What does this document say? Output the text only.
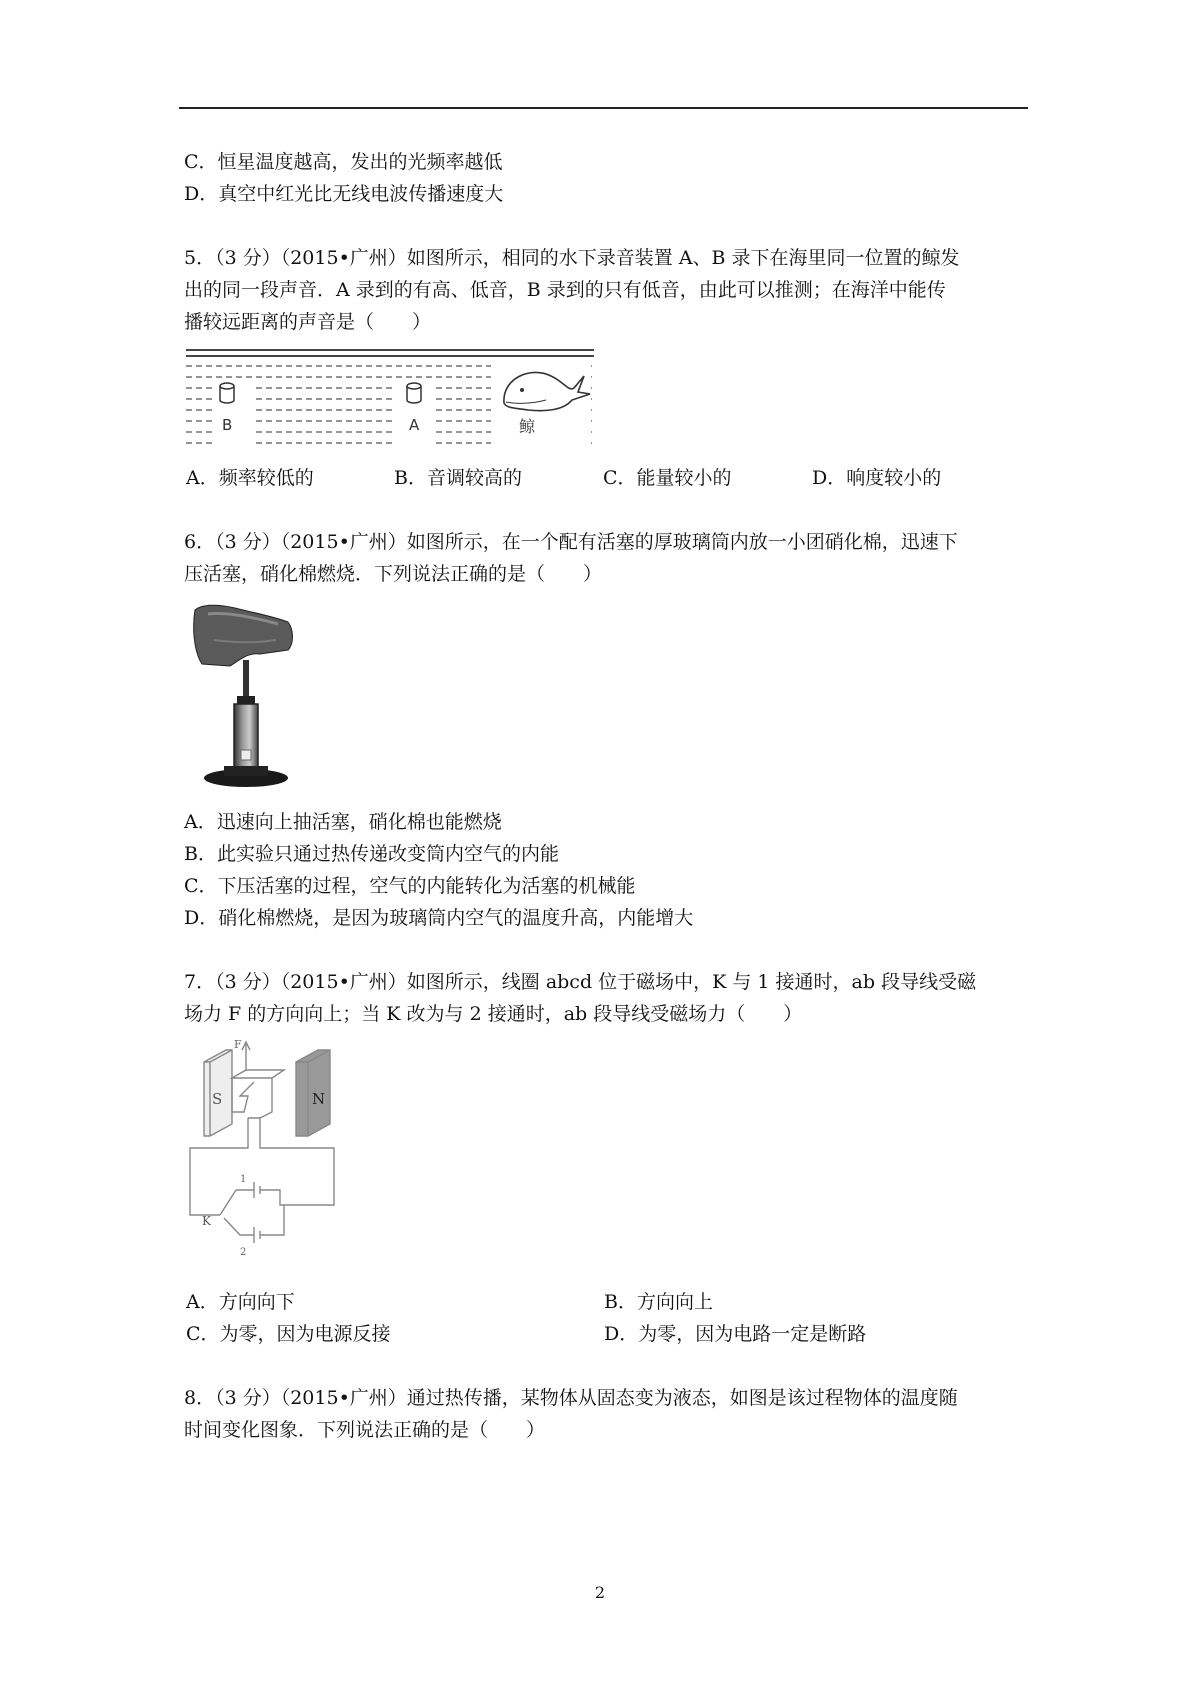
C．恒星温度越高，发出的光频率越低
D．真空中红光比无线电波传播速度大
5．（3 分）（2015•广州）如图所示，相同的水下录音装置 A、B 录下在海里同一位置的鲸发
出的同一段声音．A 录到的有高、低音，B 录到的只有低音，由此可以推测；在海洋中能传
播较远距离的声音是（　　）
B	A	鲸
A．频率较低的	B．音调较高的	C．能量较小的	D．响度较小的
6．（3 分）（2015•广州）如图所示，在一个配有活塞的厚玻璃筒内放一小团硝化棉，迅速下
压活塞，硝化棉燃烧．下列说法正确的是（　　）
A．迅速向上抽活塞，硝化棉也能燃烧
B．此实验只通过热传递改变筒内空气的内能
C．下压活塞的过程，空气的内能转化为活塞的机械能
D．硝化棉燃烧，是因为玻璃筒内空气的温度升高，内能增大
7．（3 分）（2015•广州）如图所示，线圈 abcd 位于磁场中，K 与 1 接通时，ab 段导线受磁
场力 F 的方向向上；当 K 改为与 2 接通时，ab 段导线受磁场力（　　）
F
S	N
K
1
2
A．方向向下	B．方向向上
C．为零，因为电源反接	D．为零，因为电路一定是断路
8．（3 分）（2015•广州）通过热传播，某物体从固态变为液态，如图是该过程物体的温度随
时间变化图象．下列说法正确的是（　　）
2
